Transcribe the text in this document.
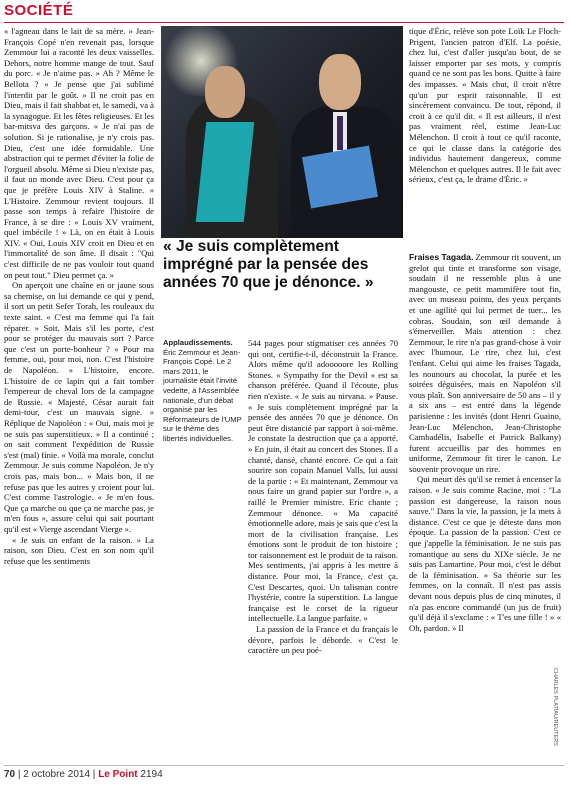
SOCIÉTÉ

« l'agneau dans le lait de sa mère. » Jean-François Copé n'en revenait pas, lorsque Zemmour lui a raconté les deux vaisselles. Dehors, notre homme mange de tout. Sauf du porc. « Je n'aime pas. » Ah ? Même le Bellota ? « Je pense que j'ai sublimé l'interdit par le goût. » Il ne croit pas en Dieu, mais il fait shabbat et, le samedi, va à la synagogue. Et les fêtes religieuses. Et les bar-mitsva des garçons. « Je n'ai pas de solution. Si je rationalise, je n'y crois pas. Dieu, c'est une idée formidable. Une abstraction qui te permet d'éviter la folie de l'orgueil absolu. Même si Dieu n'existe pas, il faut un monde avec Dieu. C'est pour ça que je préfère Louis XIV à Staline. » L'Histoire. Zemmour revient toujours. Il passe son temps à refaire l'histoire de France, à se dire : « Louis XV vraiment, quel imbécile ! » Là, on en était à Louis XIV. « Oui, Louis XIV croit en Dieu et en l'immortalité de son âme. Il disait : "Qui c'est difficile de ne pas vouloir tout quand on peut tout." Dieu permet ça. »

On aperçoit une chaîne en or jaune sous sa chemise, on lui demande ce qui y pend, il sort un petit Sefer Torah, les rouleaux du texte saint. « C'est ma femme qui l'a fait réparer. » Soit. Mais s'il les porte, c'est pour se protéger du mauvais sort ? Parce que c'est un porte-bonheur ? « Pour ma femme, oui, pour moi, non. C'est l'histoire de Napoléon. » L'histoire, encore. L'histoire de ce lapin qui a fait tomber l'empereur de cheval lors de la campagne de Russie. « Majesté, César aurait fait demi-tour, c'est un mauvais signe. » Réplique de Napoléon : « Oui, mais moi je ne suis pas superstitieux. » Il a continué ; on sait comment l'expédition de Russie s'est (mal) finie. « Voilà ma morale, conclut Zemmour. Je suis comme Napoléon. Je n'y crois pas, mais bon... » Mais bon, il ne refuse pas que les autres y croient pour lui. C'est comme l'astrologie. « Je m'en fous. Que ça marche ou que ça ne marche pas, je m'en fous », assure celui qui sait pourtant qu'il est « Vierge ascendant Vierge ».

« Je suis un enfant de la raison. » La raison, son Dieu. C'est en son nom qu'il refuse que les sentiments

« Je suis complètement imprégné par la pensée des années 70 que je dénonce. »
Applaudissements.
Éric Zemmour et Jean-François Copé. Le 2 mars 2011, le journaliste était l'invité vedette, à l'Assemblée nationale, d'un débat organisé par les Réformateurs de l'UMP sur le thème des libertés individuelles.

544 pages pour stigmatiser ces années 70 qui ont, certifie-t-il, déconstruit la France. Alors même qu'il adooooore les Rolling Stones. « Sympathy for the Devil » est sa chanson préférée. Quand il l'écoute, plus rien n'existe. « Je suis au nirvana. » Pause. « Je suis complètement imprégné par la pensée des années 70 que je dénonce. On peut être distancié par rapport à soi-même. Je constate la destruction que ça a apporté. » En juin, il était au concert des Stones. Il a chanté, dansé, chanté encore. Ce qui a fait sourire son copain Manuel Valls, lui aussi de la partie : « Et maintenant, Zemmour va nous faire un grand papier sur l'ordre », a raillé le Premier ministre. Eric chante ; Zemmour dénonce. « Ma capacité émotionnelle adore, mais je sais que c'est la mort de la civilisation française. Les émotions sont le produit de ton histoire ; tor raisonnement est le produit de ta raison. Mes sentiments, j'ai appris à les mettre à distance. Pour moi, la France, c'est ça. C'est Descartes, quoi. Un talisman contre l'hystérie, contre la superstition. La langue française est le corset de la rigueur intellectuelle. La langue parfaite. »

La passion de la France et du français le dévore, parfois le déborde. « C'est le caractère un peu poé-

tique d'Éric, relève son pote Loïk Le Floch-Prigent, l'ancien patron d'Elf. La poésie, chez lui, c'est d'aller jusqu'au bout, de se laisser emporter par ses mots, y compris quand ce ne sont pas les bons. Quitte à faire des impasses. » Mais chut, il croit n'être qu'un pur esprit raisonnable. Il est sincèrement convaincu. De tout, répond, il croit à ce qu'il dit. « Il est ailleurs, il n'est pas vraiment réel, estime Jean-Luc Mélenchon. Il croit à tout ce qu'il raconte, ce qui le classe dans la catégorie des individus hautement dangereux, comme Mélenchon et quelques autres. Il le fait avec sérieux, c'est ça, le drame d'Éric. »

Fraises Tagada. Zemmour rit souvent, un grelot qui tinte et transforme son visage, soudain il ne ressemble plus à une mangouste, ce petit mammifère tout fin, avec un museau pointu, des yeux perçants et une agilité qui lui permet de tuer... les cobras. Soudain, son œil demande à s'émerveiller. Mais attention : chez Zemmour, le rire n'a pas grand-chose à voir avec l'humour. Le rire, chez lui, c'est l'enfant. Celui qui aime les fraises Tagada, les nounours au chocolat, la purée et les soirées déguisées, mais en Napoléon s'il vous plaît. Son anniversaire de 50 ans – il y a six ans – est entré dans la légende parisienne : les invités (dont Henri Guaino, Jean-Luc Mélenchon, Jean-Christophe Cambadélis, Isabelle et Patrick Balkany) furent accueillis par des hommes en uniforme, Zemmour fit tirer le canon. Le souvenir provoque un rire.

Qui meurt dès qu'il se remet à encenser la raison. « Je suis comme Racine, moi : "La passion est dangereuse, la raison nous sauve." Dans la vie, la passion, je la mets à distance. C'est ce que je déteste dans mon époque. La passion de la passion. C'est ce que j'appelle la féminisation. Je ne suis pas romantique au sens du XIXe siècle. Je ne suis pas Lamartine. Pour moi, c'est le début de la féminisation. » Sa théorie sur les femmes, on la connaît. Il n'est pas assis devant nous depuis plus de cinq minutes, il n'a pas encore commandé (un jus de fruit) qu'il déjà il s'exclame : « T'es une fille ! » « Oh, pardon. » Il

CHARLES PLATIAU/REUTERS
70 | 2 octobre 2014 | Le Point 2194
